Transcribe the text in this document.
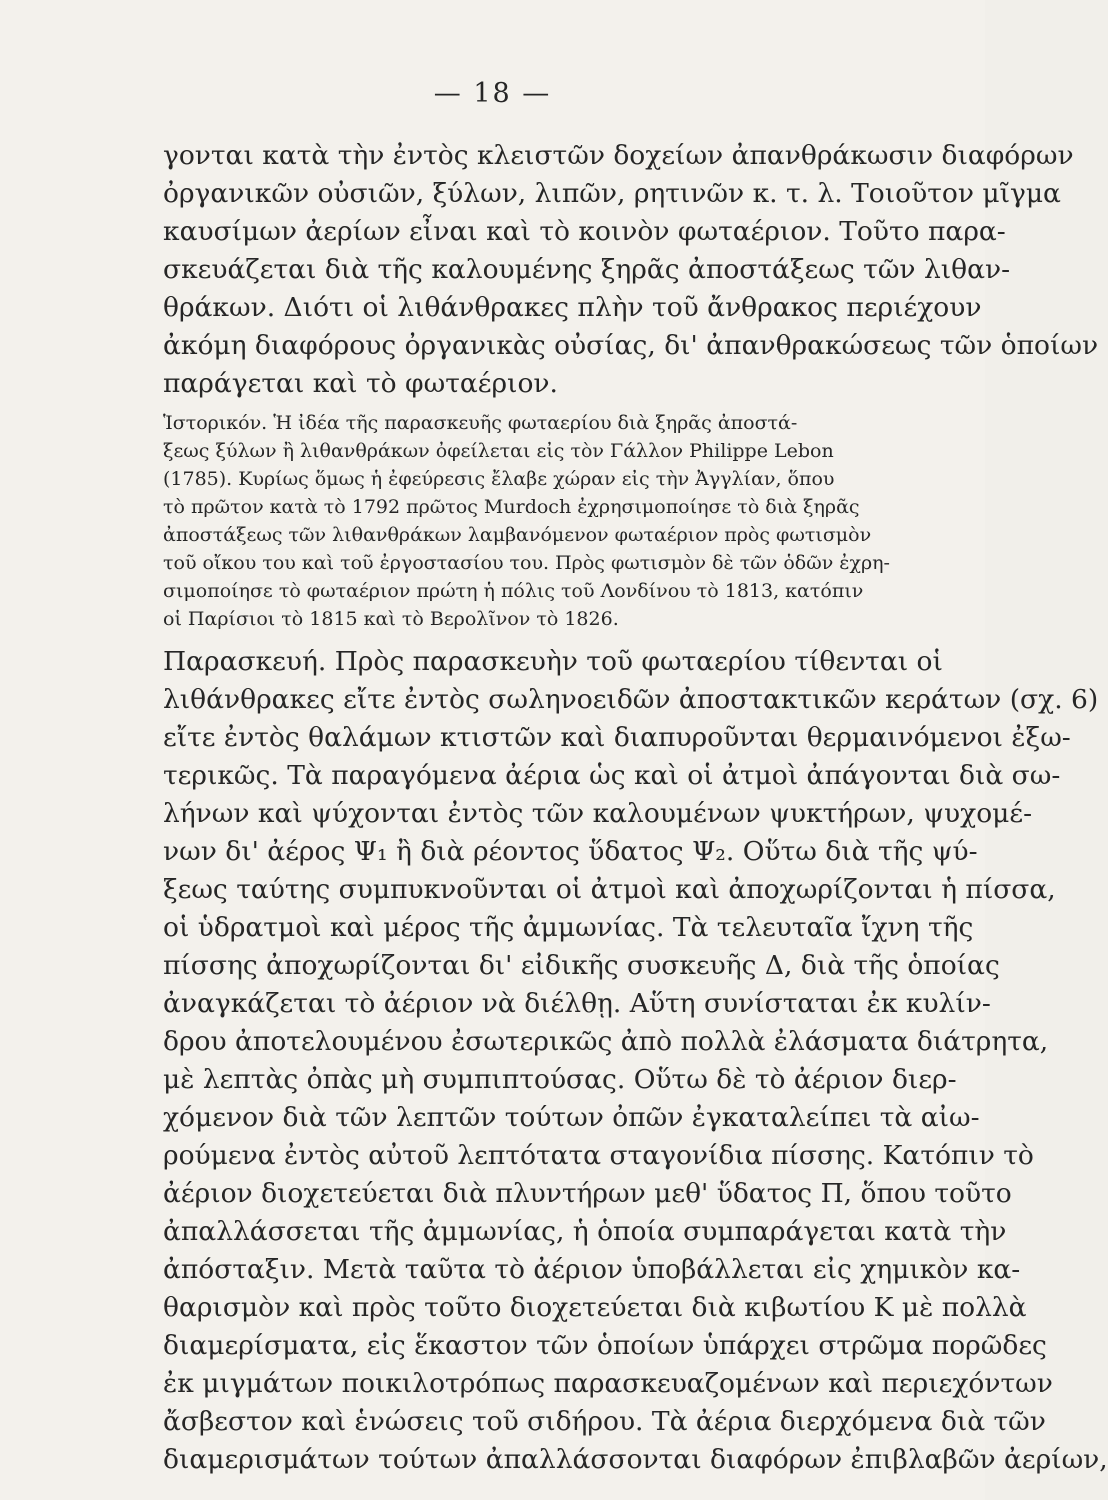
— 18 —
γονται κατὰ τὴν ἐντὸς κλειστῶν δοχείων ἀπανθράκωσιν διαφόρων
ὀργανικῶν οὐσιῶν, ξύλων, λιπῶν, ρητινῶν κ. τ. λ. Τοιοῦτον μῖγμα
καυσίμων ἀερίων εἶναι καὶ τὸ κοινὸν φωταέριον. Τοῦτο παρα-
σκευάζεται διὰ τῆς καλουμένης ξηρᾶς ἀποστάξεως τῶν λιθαν-
θράκων. Διότι οἱ λιθάνθρακες πλὴν τοῦ ἄνθρακος περιέχουν
ἀκόμη διαφόρους ὀργανικὰς οὐσίας, δι' ἀπανθρακώσεως τῶν ὁποίων
παράγεται καὶ τὸ φωταέριον.
Ἱστορικόν. Ἡ ἰδέα τῆς παρασκευῆς φωταερίου διὰ ξηρᾶς ἀποστά-
ξεως ξύλων ἢ λιθανθράκων ὀφείλεται εἰς τὸν Γάλλον Philippe Lebon
(1785). Κυρίως ὅμως ἡ ἐφεύρεσις ἔλαβε χώραν εἰς τὴν Ἀγγλίαν, ὅπου
τὸ πρῶτον κατὰ τὸ 1792 πρῶτος Murdoch ἐχρησιμοποίησε τὸ διὰ ξηρᾶς
ἀποστάξεως τῶν λιθανθράκων λαμβανόμενον φωταέριον πρὸς φωτισμὸν
τοῦ οἴκου του καὶ τοῦ ἐργοστασίου του. Πρὸς φωτισμὸν δὲ τῶν ὁδῶν ἐχρη-
σιμοποίησε τὸ φωταέριον πρώτη ἡ πόλις τοῦ Λονδίνου τὸ 1813, κατόπιν
οἱ Παρίσιοι τὸ 1815 καὶ τὸ Βερολῖνον τὸ 1826.
Παρασκευή. Πρὸς παρασκευὴν τοῦ φωταερίου τίθενται οἱ
λιθάνθρακες εἴτε ἐντὸς σωληνοειδῶν ἀποστακτικῶν κεράτων (σχ. 6)
εἴτε ἐντὸς θαλάμων κτιστῶν καὶ διαπυροῦνται θερμαινόμενοι ἐξω-
τερικῶς. Τὰ παραγόμενα ἀέρια ὡς καὶ οἱ ἀτμοὶ ἀπάγονται διὰ σω-
λήνων καὶ ψύχονται ἐντὸς τῶν καλουμένων ψυκτήρων, ψυχομέ-
νων δι' ἀέρος Ψ₁ ἢ διὰ ρέοντος ὕδατος Ψ₂. Οὕτω διὰ τῆς ψύ-
ξεως ταύτης συμπυκνοῦνται οἱ ἀτμοὶ καὶ ἀποχωρίζονται ἡ πίσσα,
οἱ ὑδρατμοὶ καὶ μέρος τῆς ἀμμωνίας. Τὰ τελευταῖα ἴχνη τῆς
πίσσης ἀποχωρίζονται δι' εἰδικῆς συσκευῆς Δ, διὰ τῆς ὁποίας
ἀναγκάζεται τὸ ἀέριον νὰ διέλθῃ. Αὕτη συνίσταται ἐκ κυλίν-
δρου ἀποτελουμένου ἐσωτερικῶς ἀπὸ πολλὰ ἐλάσματα διάτρητα,
μὲ λεπτὰς ὀπὰς μὴ συμπιπτούσας. Οὕτω δὲ τὸ ἀέριον διερ-
χόμενον διὰ τῶν λεπτῶν τούτων ὀπῶν ἐγκαταλείπει τὰ αἰω-
ρούμενα ἐντὸς αὐτοῦ λεπτότατα σταγονίδια πίσσης. Κατόπιν τὸ
ἀέριον διοχετεύεται διὰ πλυντήρων μεθ' ὕδατος Π, ὅπου τοῦτο
ἀπαλλάσσεται τῆς ἀμμωνίας, ἡ ὁποία συμπαράγεται κατὰ τὴν
ἀπόσταξιν. Μετὰ ταῦτα τὸ ἀέριον ὑποβάλλεται εἰς χημικὸν κα-
θαρισμὸν καὶ πρὸς τοῦτο διοχετεύεται διὰ κιβωτίου Κ μὲ πολλὰ
διαμερίσματα, εἰς ἕκαστον τῶν ὁποίων ὑπάρχει στρῶμα πορῶδες
ἐκ μιγμάτων ποικιλοτρόπως παρασκευαζομένων καὶ περιεχόντων
ἄσβεστον καὶ ἑνώσεις τοῦ σιδήρου. Τὰ ἀέρια διερχόμενα διὰ τῶν
διαμερισμάτων τούτων ἀπαλλάσσονται διαφόρων ἐπιβλαβῶν ἀερίων,
